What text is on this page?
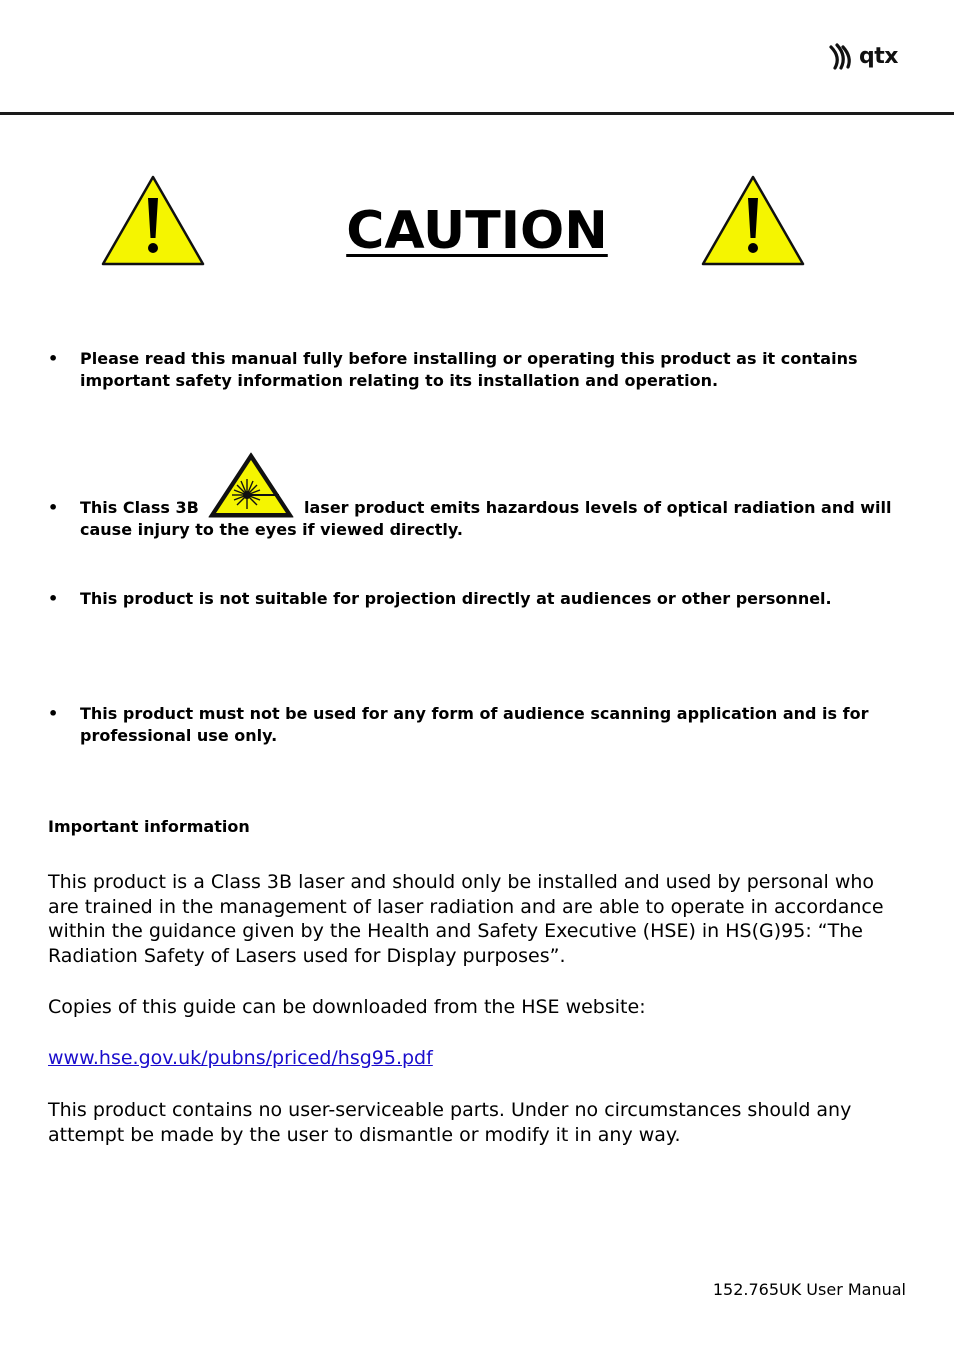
qtx
CAUTION
•	Please read this manual fully before installing or operating this product as it contains important safety information relating to its installation and operation.
•	This Class 3B	laser product emits hazardous levels of optical radiation and will cause injury to the eyes if viewed directly.
•	This product is not suitable for projection directly at audiences or other personnel.
•	This product must not be used for any form of audience scanning application and is for professional use only.
Important information
This product is a Class 3B laser and should only be installed and used by personal who are trained in the management of laser radiation and are able to operate in accordance within the guidance given by the Health and Safety Executive (HSE) in HS(G)95: “The Radiation Safety of Lasers used for Display purposes”.
Copies of this guide can be downloaded from the HSE website:
www.hse.gov.uk/pubns/priced/hsg95.pdf
This product contains no user-serviceable parts. Under no circumstances should any attempt be made by the user to dismantle or modify it in any way.
152.765UK User Manual
